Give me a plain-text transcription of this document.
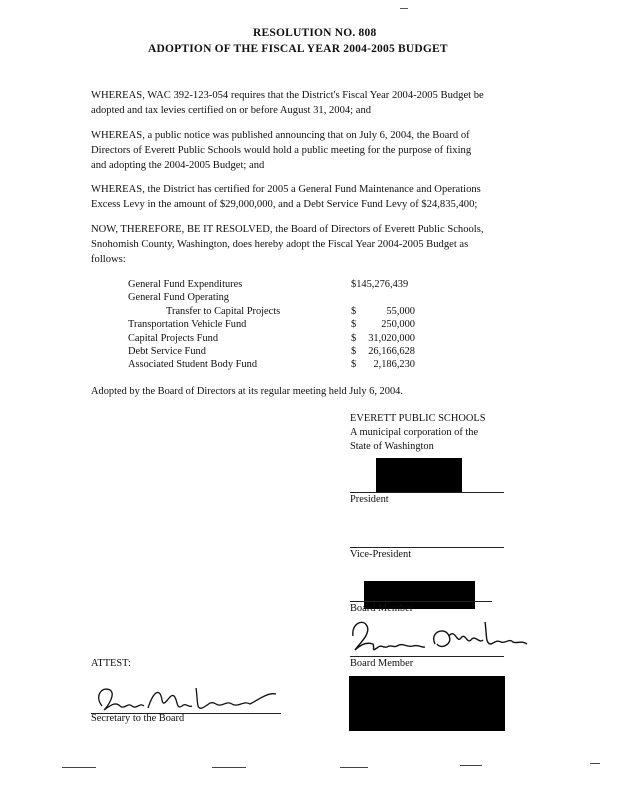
RESOLUTION NO. 808
ADOPTION OF THE FISCAL YEAR 2004-2005 BUDGET
WHEREAS, WAC 392-123-054 requires that the District's Fiscal Year 2004-2005 Budget be
adopted and tax levies certified on or before August 31, 2004; and
WHEREAS, a public notice was published announcing that on July 6, 2004, the Board of
Directors of Everett Public Schools would hold a public meeting for the purpose of fixing
and adopting the 2004-2005 Budget; and
WHEREAS, the District has certified for 2005 a General Fund Maintenance and Operations
Excess Levy in the amount of $29,000,000, and a Debt Service Fund Levy of $24,835,400;
NOW, THEREFORE, BE IT RESOLVED, the Board of Directors of Everett Public Schools,
Snohomish County, Washington, does hereby adopt the Fiscal Year 2004-2005 Budget as
follows:
General Fund Expenditures	$145,276,439
General Fund Operating
Transfer to Capital Projects	$	55,000
Transportation Vehicle Fund	$ 250,000
Capital Projects Fund	$ 31,020,000
Debt Service Fund	$ 26,166,628
Associated Student Body Fund	$ 2,186,230
Adopted by the Board of Directors at its regular meeting held July 6, 2004.
EVERETT PUBLIC SCHOOLS
A municipal corporation of the
State of Washington
President
Vice-President
Board Member
Board Member
ATTEST:
Secretary to the Board
